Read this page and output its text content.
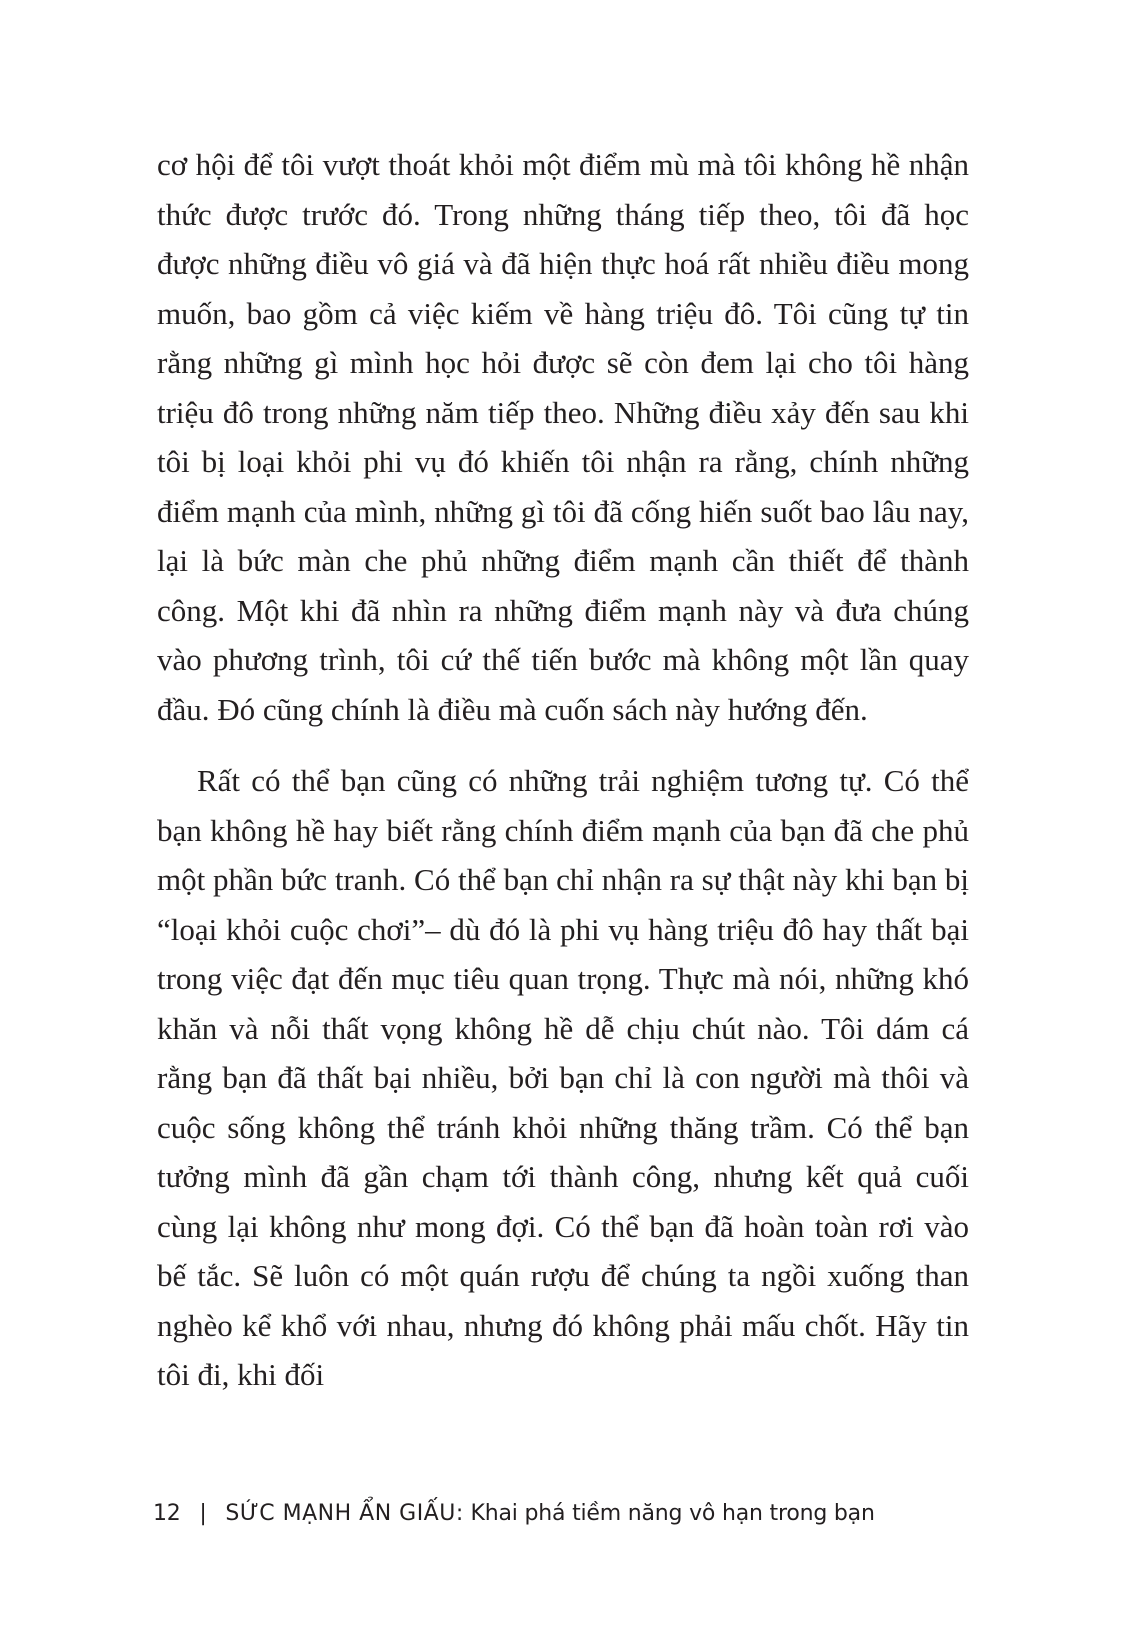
cơ hội để tôi vượt thoát khỏi một điểm mù mà tôi không hề nhận thức được trước đó. Trong những tháng tiếp theo, tôi đã học được những điều vô giá và đã hiện thực hoá rất nhiều điều mong muốn, bao gồm cả việc kiếm về hàng triệu đô. Tôi cũng tự tin rằng những gì mình học hỏi được sẽ còn đem lại cho tôi hàng triệu đô trong những năm tiếp theo. Những điều xảy đến sau khi tôi bị loại khỏi phi vụ đó khiến tôi nhận ra rằng, chính những điểm mạnh của mình, những gì tôi đã cống hiến suốt bao lâu nay, lại là bức màn che phủ những điểm mạnh cần thiết để thành công. Một khi đã nhìn ra những điểm mạnh này và đưa chúng vào phương trình, tôi cứ thế tiến bước mà không một lần quay đầu. Đó cũng chính là điều mà cuốn sách này hướng đến.

Rất có thể bạn cũng có những trải nghiệm tương tự. Có thể bạn không hề hay biết rằng chính điểm mạnh của bạn đã che phủ một phần bức tranh. Có thể bạn chỉ nhận ra sự thật này khi bạn bị “loại khỏi cuộc chơi”– dù đó là phi vụ hàng triệu đô hay thất bại trong việc đạt đến mục tiêu quan trọng. Thực mà nói, những khó khăn và nỗi thất vọng không hề dễ chịu chút nào. Tôi dám cá rằng bạn đã thất bại nhiều, bởi bạn chỉ là con người mà thôi và cuộc sống không thể tránh khỏi những thăng trầm. Có thể bạn tưởng mình đã gần chạm tới thành công, nhưng kết quả cuối cùng lại không như mong đợi. Có thể bạn đã hoàn toàn rơi vào bế tắc. Sẽ luôn có một quán rượu để chúng ta ngồi xuống than nghèo kể khổ với nhau, nhưng đó không phải mấu chốt. Hãy tin tôi đi, khi đối

12 | SỨC MẠNH ẨN GIẤU: Khai phá tiềm năng vô hạn trong bạn
